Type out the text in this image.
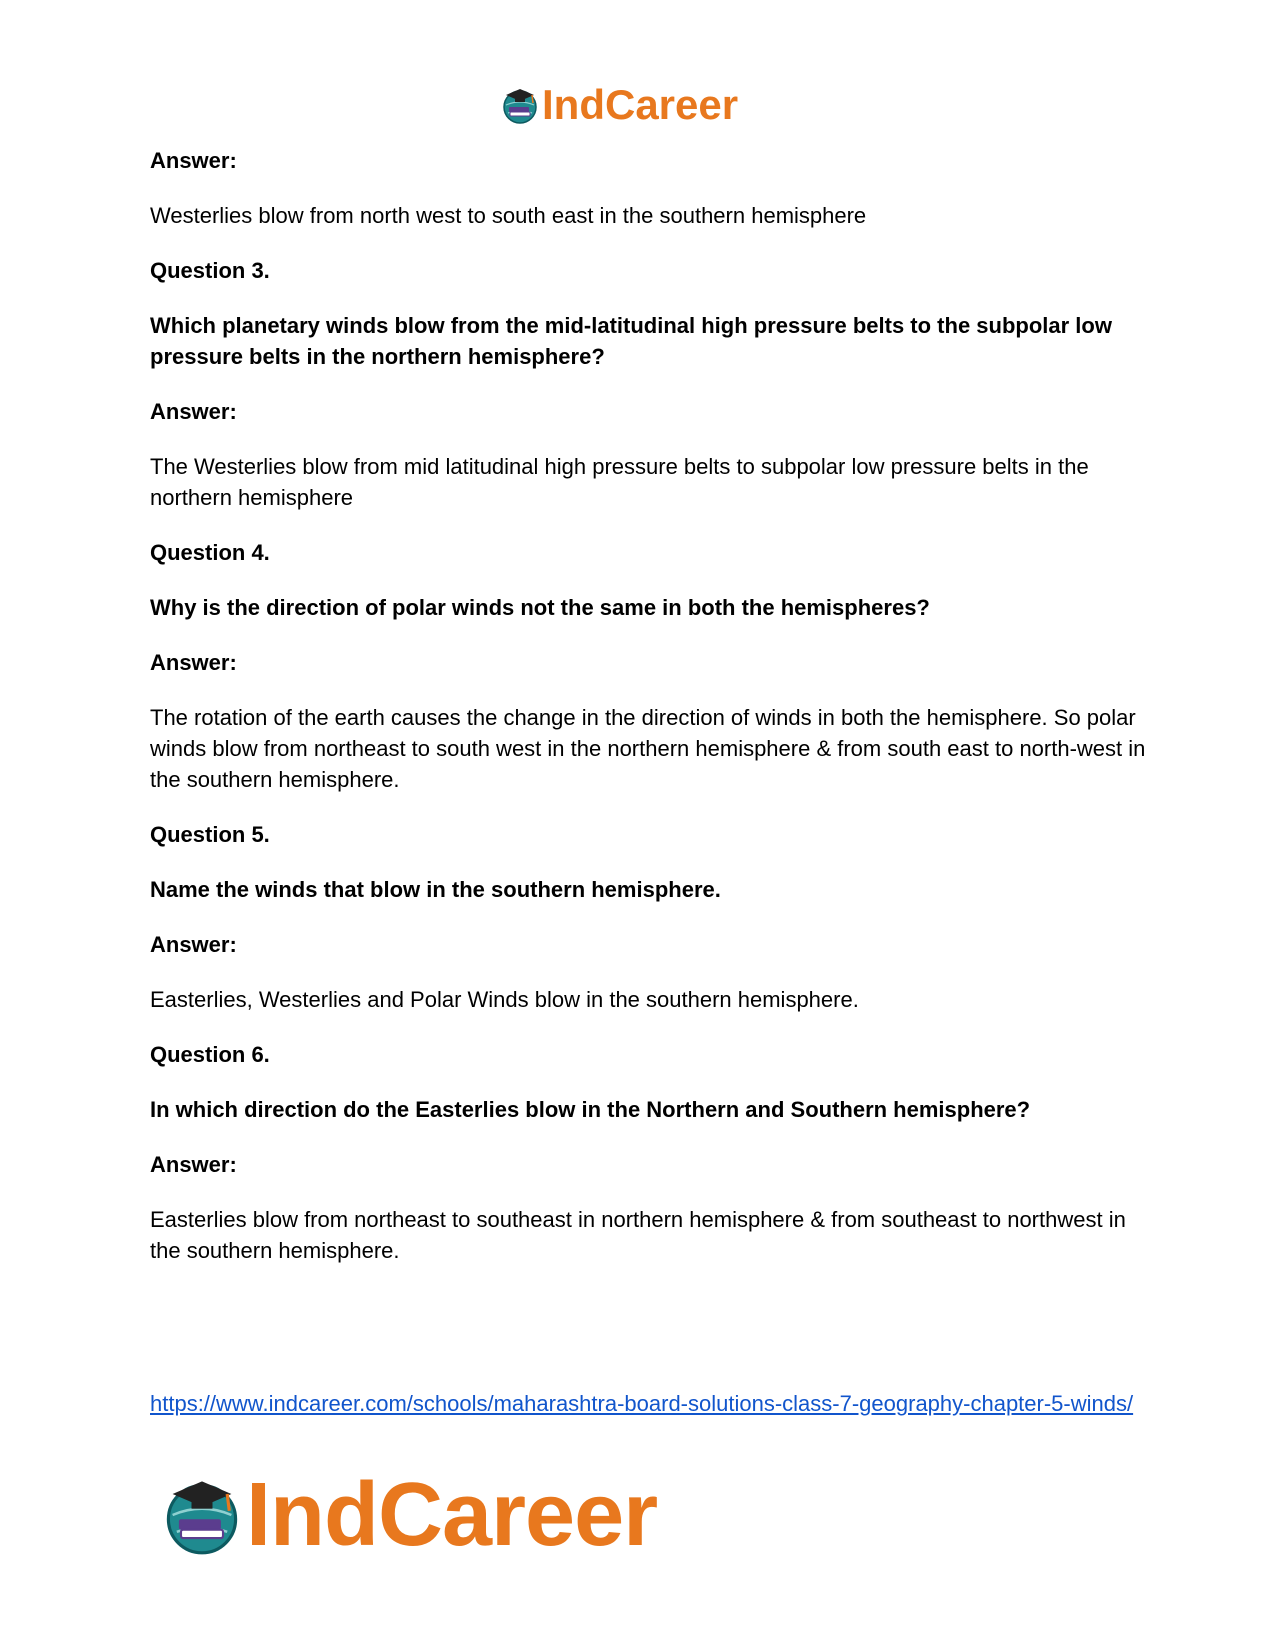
IndCareer

Answer:

Westerlies blow from north west to south east in the southern hemisphere

Question 3.

Which planetary winds blow from the mid-latitudinal high pressure belts to the subpolar low pressure belts in the northern hemisphere?

Answer:

The Westerlies blow from mid latitudinal high pressure belts to subpolar low pressure belts in the northern hemisphere

Question 4.

Why is the direction of polar winds not the same in both the hemispheres?

Answer:

The rotation of the earth causes the change in the direction of winds in both the hemisphere. So polar winds blow from northeast to south west in the northern hemisphere & from south east to north-west in the southern hemisphere.

Question 5.

Name the winds that blow in the southern hemisphere.

Answer:

Easterlies, Westerlies and Polar Winds blow in the southern hemisphere.

Question 6.

In which direction do the Easterlies blow in the Northern and Southern hemisphere?

Answer:

Easterlies blow from northeast to southeast in northern hemisphere & from southeast to northwest in the southern hemisphere.

https://www.indcareer.com/schools/maharashtra-board-solutions-class-7-geography-chapter-5-winds/
IndCareer
